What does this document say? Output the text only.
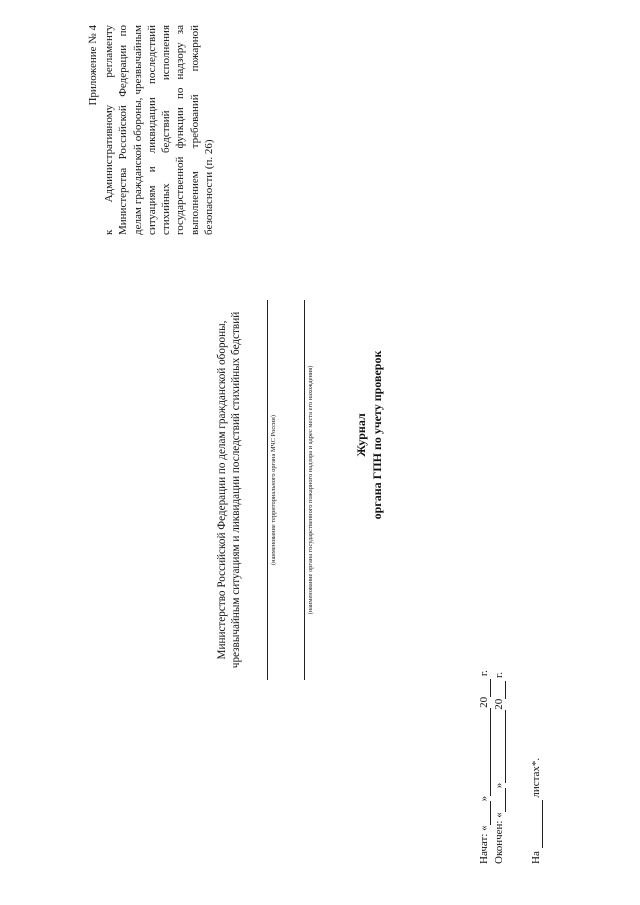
Приложение № 4 к Административному регламенту Министерства Российской Федерации по делам гражданской обороны, чрезвычайным ситуациям и ликвидации последствий стихийных бедствий исполнения государственной функции по надзору за выполнением требований пожарной безопасности (п. 26)
Министерство Российской Федерации по делам гражданской обороны, чрезвычайным ситуациям и ликвидации последствий стихийных бедствий	(наименование территориального органа МЧС России)	(наименование органа государственного пожарного надзора и адрес места его нахождения)	Журнал органа ГПН по учету проверок
Начат: «»20 г.
Окончен: «»20 г.
На  листах*.
